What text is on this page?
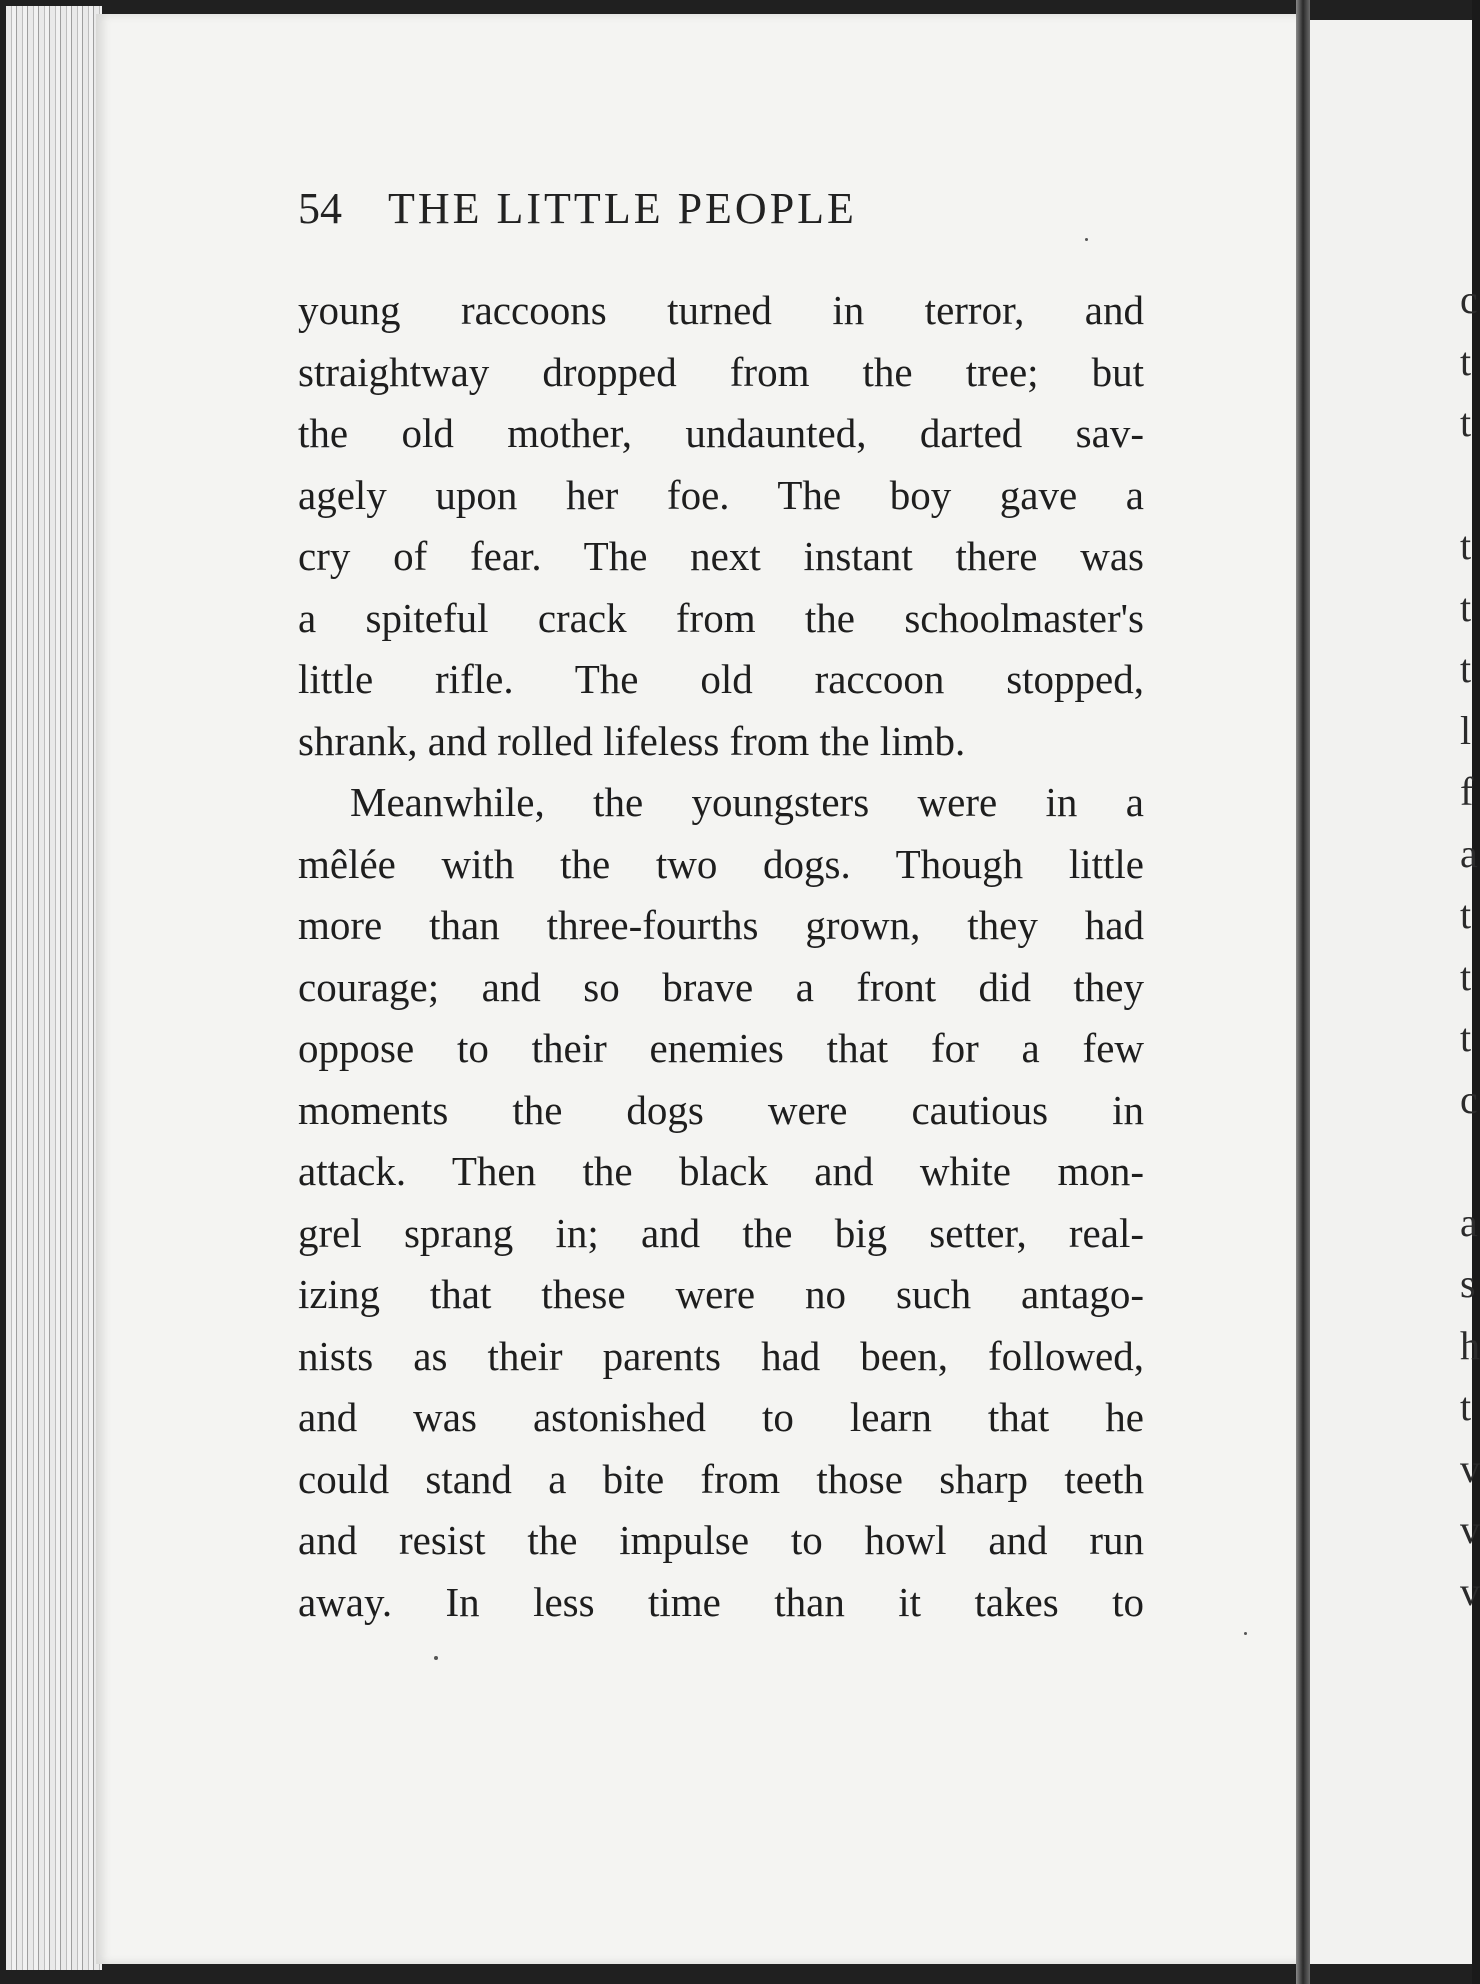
c
t
t
t
t
t
l
f
a
t
t
t
c
a
s
h
t
v
v
v
54 THE LITTLE PEOPLE
young raccoons turned in terror, and
straightway dropped from the tree; but
the old mother, undaunted, darted sav-
agely upon her foe. The boy gave a
cry of fear. The next instant there was
a spiteful crack from the schoolmaster's
little rifle. The old raccoon stopped,
shrank, and rolled lifeless from the limb.
Meanwhile, the youngsters were in a
mêlée with the two dogs. Though little
more than three-fourths grown, they had
courage; and so brave a front did they
oppose to their enemies that for a few
moments the dogs were cautious in
attack. Then the black and white mon-
grel sprang in; and the big setter, real-
izing that these were no such antago-
nists as their parents had been, followed,
and was astonished to learn that he
could stand a bite from those sharp teeth
and resist the impulse to howl and run
away. In less time than it takes to
